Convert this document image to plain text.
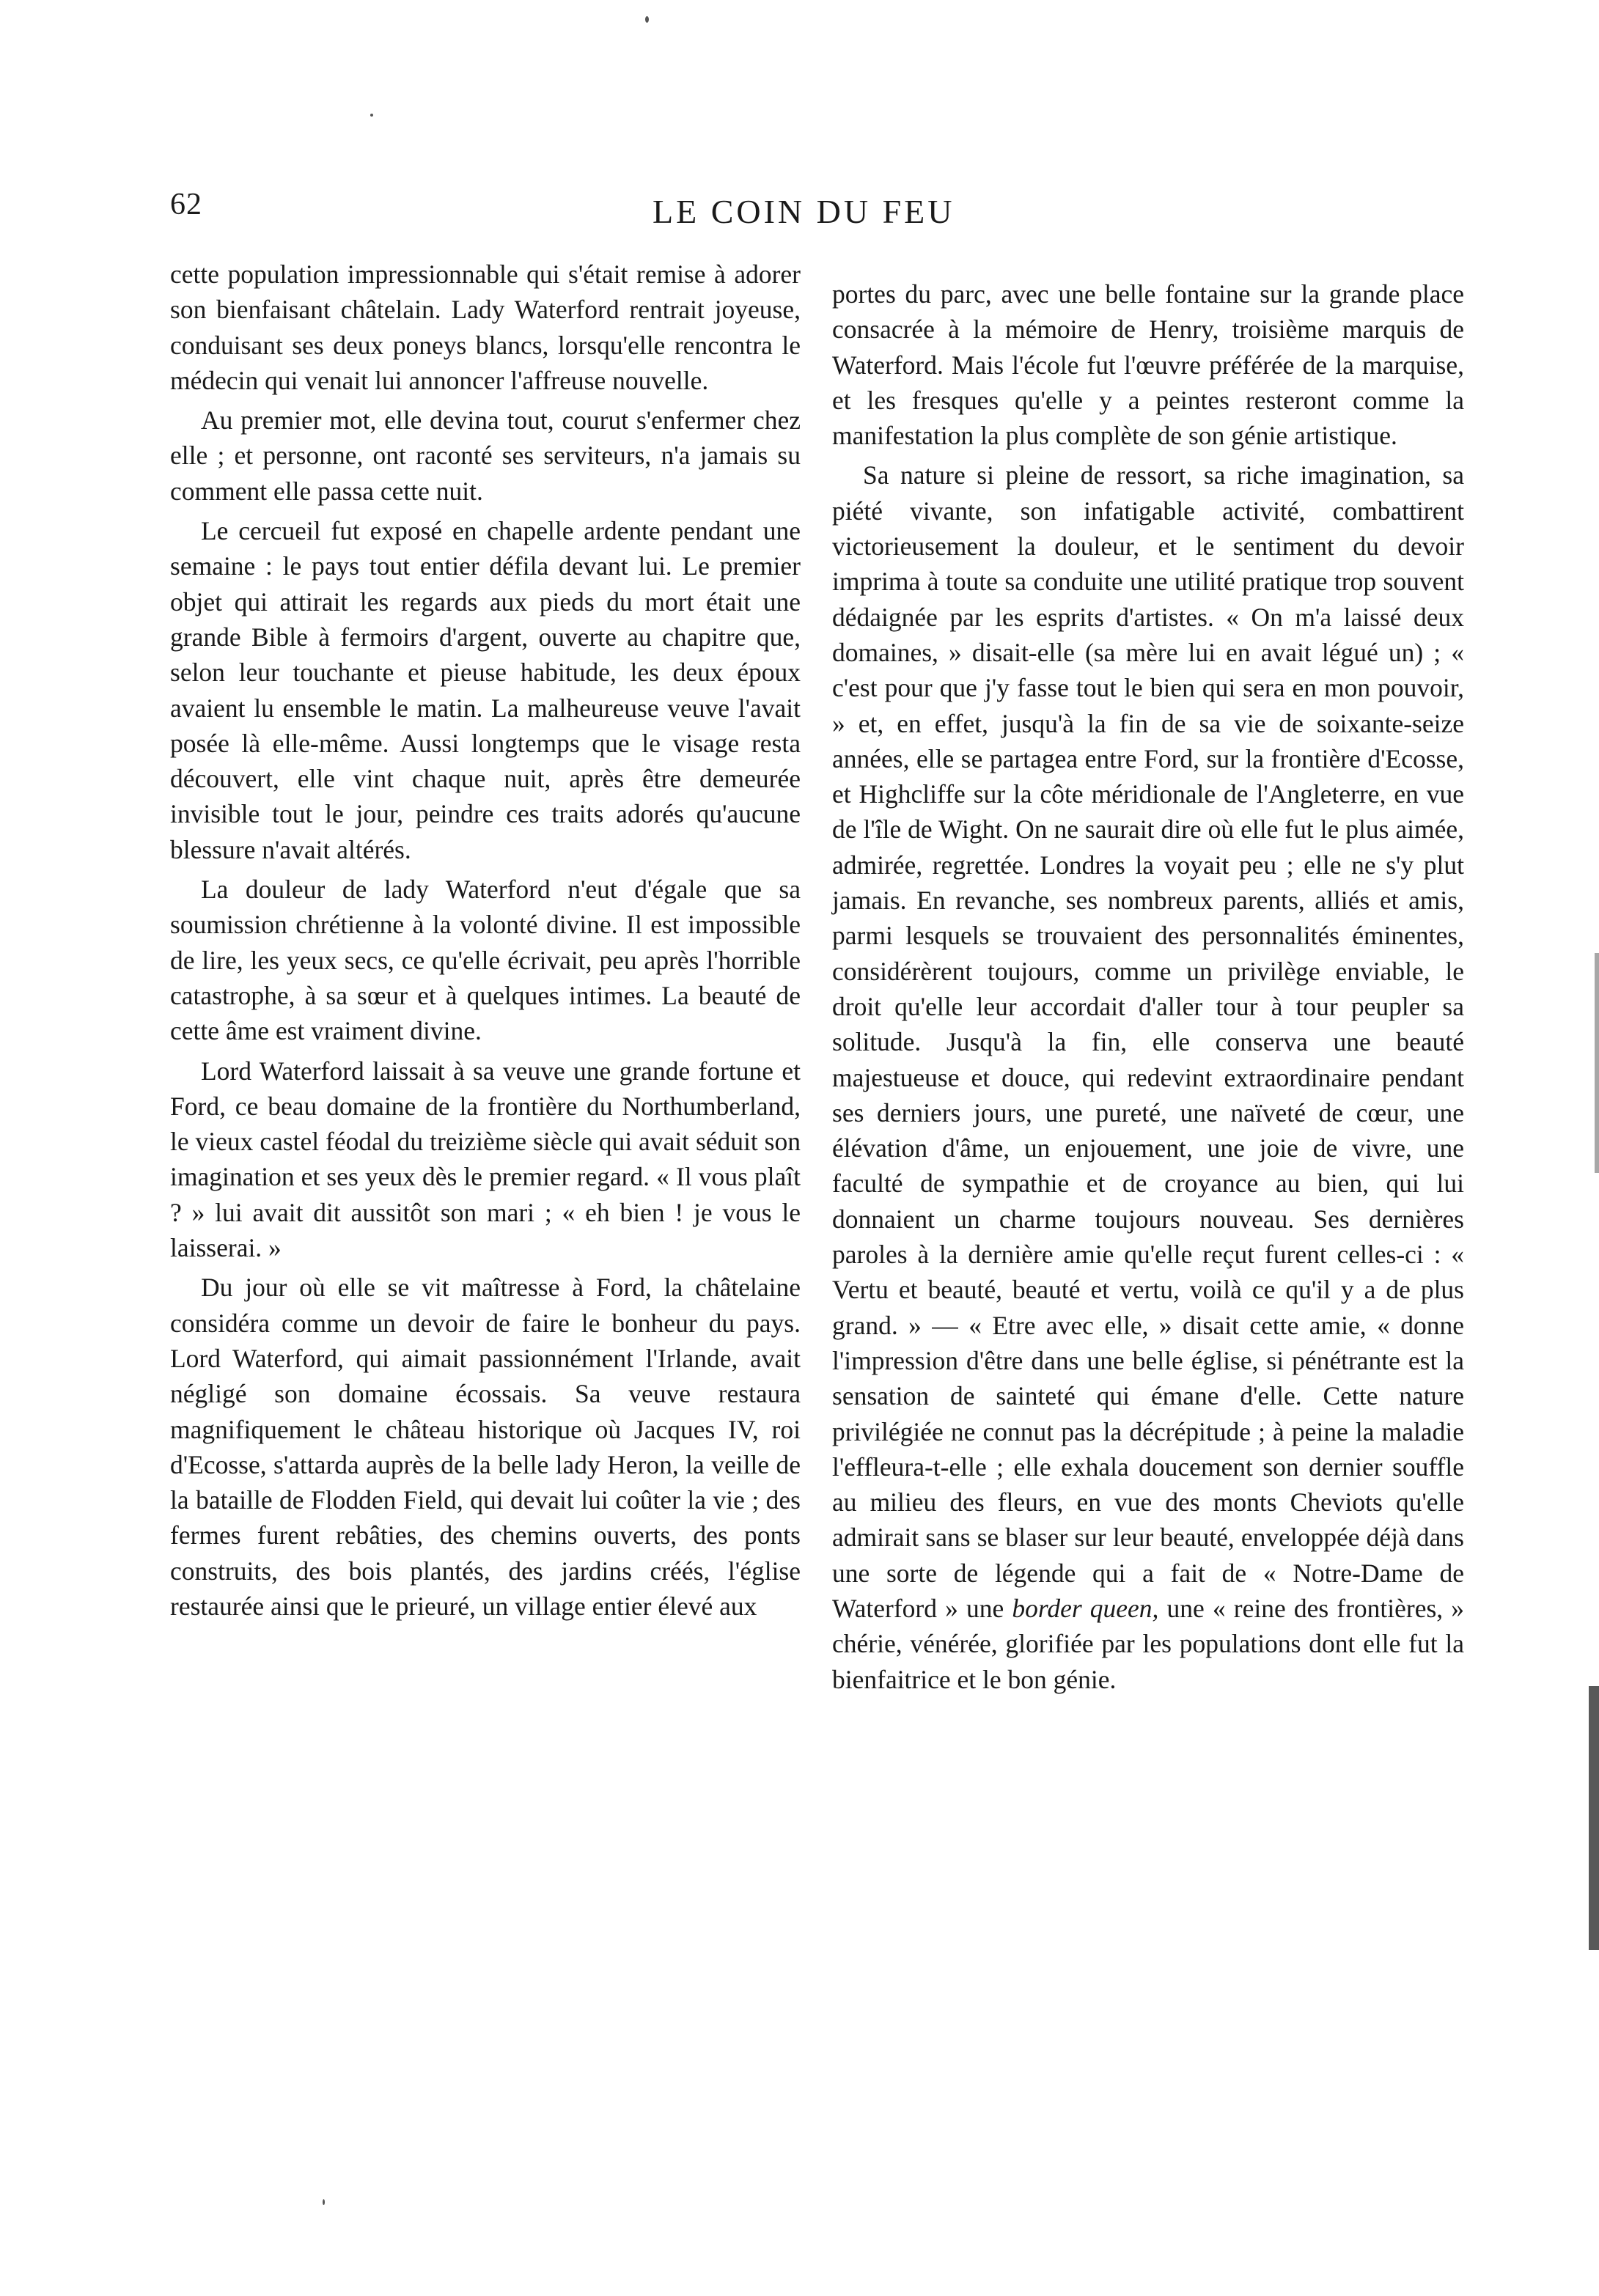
62	LE COIN DU FEU

cette population impressionnable qui s'était remise à adorer son bienfaisant châtelain. Lady Waterford rentrait joyeuse, conduisant ses deux poneys blancs, lorsqu'elle rencontra le médecin qui venait lui annoncer l'affreuse nouvelle.

Au premier mot, elle devina tout, courut s'enfermer chez elle ; et personne, ont raconté ses serviteurs, n'a jamais su comment elle passa cette nuit.

Le cercueil fut exposé en chapelle ardente pendant une semaine : le pays tout entier défila devant lui. Le premier objet qui attirait les regards aux pieds du mort était une grande Bible à fermoirs d'argent, ouverte au chapitre que, selon leur touchante et pieuse habitude, les deux époux avaient lu ensemble le matin. La malheureuse veuve l'avait posée là elle-même. Aussi longtemps que le visage resta découvert, elle vint chaque nuit, après être demeurée invisible tout le jour, peindre ces traits adorés qu'aucune blessure n'avait altérés.

La douleur de lady Waterford n'eut d'égale que sa soumission chrétienne à la volonté divine. Il est impossible de lire, les yeux secs, ce qu'elle écrivait, peu après l'horrible catastrophe, à sa sœur et à quelques intimes. La beauté de cette âme est vraiment divine.

Lord Waterford laissait à sa veuve une grande fortune et Ford, ce beau domaine de la frontière du Northumberland, le vieux castel féodal du treizième siècle qui avait séduit son imagination et ses yeux dès le premier regard. « Il vous plaît ? » lui avait dit aussitôt son mari ; « eh bien ! je vous le laisserai. »

Du jour où elle se vit maîtresse à Ford, la châtelaine considéra comme un devoir de faire le bonheur du pays. Lord Waterford, qui aimait passionnément l'Irlande, avait négligé son domaine écossais. Sa veuve restaura magnifiquement le château historique où Jacques IV, roi d'Ecosse, s'attarda auprès de la belle lady Heron, la veille de la bataille de Flodden Field, qui devait lui coûter la vie ; des fermes furent rebâties, des chemins ouverts, des ponts construits, des bois plantés, des jardins créés, l'église restaurée ainsi que le prieuré, un village entier élevé aux

portes du parc, avec une belle fontaine sur la grande place consacrée à la mémoire de Henry, troisième marquis de Waterford. Mais l'école fut l'œuvre préférée de la marquise, et les fresques qu'elle y a peintes resteront comme la manifestation la plus complète de son génie artistique.

Sa nature si pleine de ressort, sa riche imagination, sa piété vivante, son infatigable activité, combattirent victorieusement la douleur, et le sentiment du devoir imprima à toute sa conduite une utilité pratique trop souvent dédaignée par les esprits d'artistes. « On m'a laissé deux domaines, » disait-elle (sa mère lui en avait légué un) ; « c'est pour que j'y fasse tout le bien qui sera en mon pouvoir, » et, en effet, jusqu'à la fin de sa vie de soixante-seize années, elle se partagea entre Ford, sur la frontière d'Ecosse, et Highcliffe sur la côte méridionale de l'Angleterre, en vue de l'île de Wight. On ne saurait dire où elle fut le plus aimée, admirée, regrettée. Londres la voyait peu ; elle ne s'y plut jamais. En revanche, ses nombreux parents, alliés et amis, parmi lesquels se trouvaient des personnalités éminentes, considérèrent toujours, comme un privilège enviable, le droit qu'elle leur accordait d'aller tour à tour peupler sa solitude. Jusqu'à la fin, elle conserva une beauté majestueuse et douce, qui redevint extraordinaire pendant ses derniers jours, une pureté, une naïveté de cœur, une élévation d'âme, un enjouement, une joie de vivre, une faculté de sympathie et de croyance au bien, qui lui donnaient un charme toujours nouveau. Ses dernières paroles à la dernière amie qu'elle reçut furent celles-ci : « Vertu et beauté, beauté et vertu, voilà ce qu'il y a de plus grand. » — « Etre avec elle, » disait cette amie, « donne l'impression d'être dans une belle église, si pénétrante est la sensation de sainteté qui émane d'elle. Cette nature privilégiée ne connut pas la décrépitude ; à peine la maladie l'effleura-t-elle ; elle exhala doucement son dernier souffle au milieu des fleurs, en vue des monts Cheviots qu'elle admirait sans se blaser sur leur beauté, enveloppée déjà dans une sorte de légende qui a fait de « Notre-Dame de Waterford » une border queen, une « reine des frontières, » chérie, vénérée, glorifiée par les populations dont elle fut la bienfaitrice et le bon génie.
